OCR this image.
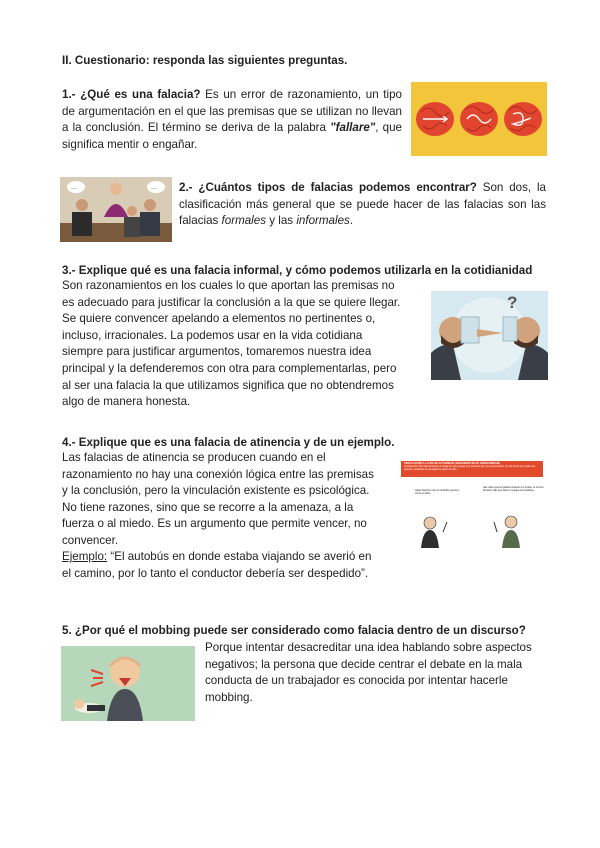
II. Cuestionario: responda las siguientes preguntas.
1.- ¿Qué es una falacia? Es un error de razonamiento, un tipo de argumentación en el que las premisas que se utilizan no llevan a la conclusión. El término se deriva de la palabra "fallare", que significa mentir o engañar.
...	... 2.- ¿Cuántos tipos de falacias podemos encontrar? Son dos, la clasificación más general que se puede hacer de las falacias son las falacias formales y las informales.
3.- Explique qué es una falacia informal, y cómo podemos utilizarla en la cotidianidad
Son razonamientos en los cuales lo que aportan las premisas no
es adecuado para justificar la conclusión a la que se quiere llegar.
Se quiere convencer apelando a elementos no pertinentes o,
incluso, irracionales. La podemos usar en la vida cotidiana
siempre para justificar argumentos, tomaremos nuestra idea
principal y la defenderemos con otra para complementarlas, pero
al ser una falacia la que utilizamos significa que no obtendremos
algo de manera honesta.
?
4.- Explique que es una falacia de atinencia y de un ejemplo.
Las falacias de atinencia se producen cuando en el
razonamiento no hay una conexión lógica entre las premisas
y la conclusión, pero la vinculación existente es psicológica.
No tiene razones, sino que se recorre a la amenaza, a la
fuerza o al miedo. Es un argumento que permite vencer, no
convencer.
Ejemplo: “El autobús en donde estaba viajando se averió en
el camino, por lo tanto el conductor debería ser despedido”.
VINCULACIÓN A LA IRA DE AUTORIDAD (ARGUMENTUM AD VERECUNDIAM)
Introducción del razonamiento en lugar de que juzgar a la persona por sus argumentos, ha de tomar por justa una opinión, apelando al prestigio de quien la dice
Isaac Newton era un científico genial y creía en Dios.
«Es claro que la indeterminación no existe, el mismo Einstein dijo que Dios no juega a los dados»
5. ¿Por qué el mobbing puede ser considerado como falacia dentro de un discurso?
Porque intentar desacreditar una idea hablando sobre aspectos
negativos; la persona que decide centrar el debate en la mala
conducta de un trabajador es conocida por intentar hacerle
mobbing.
